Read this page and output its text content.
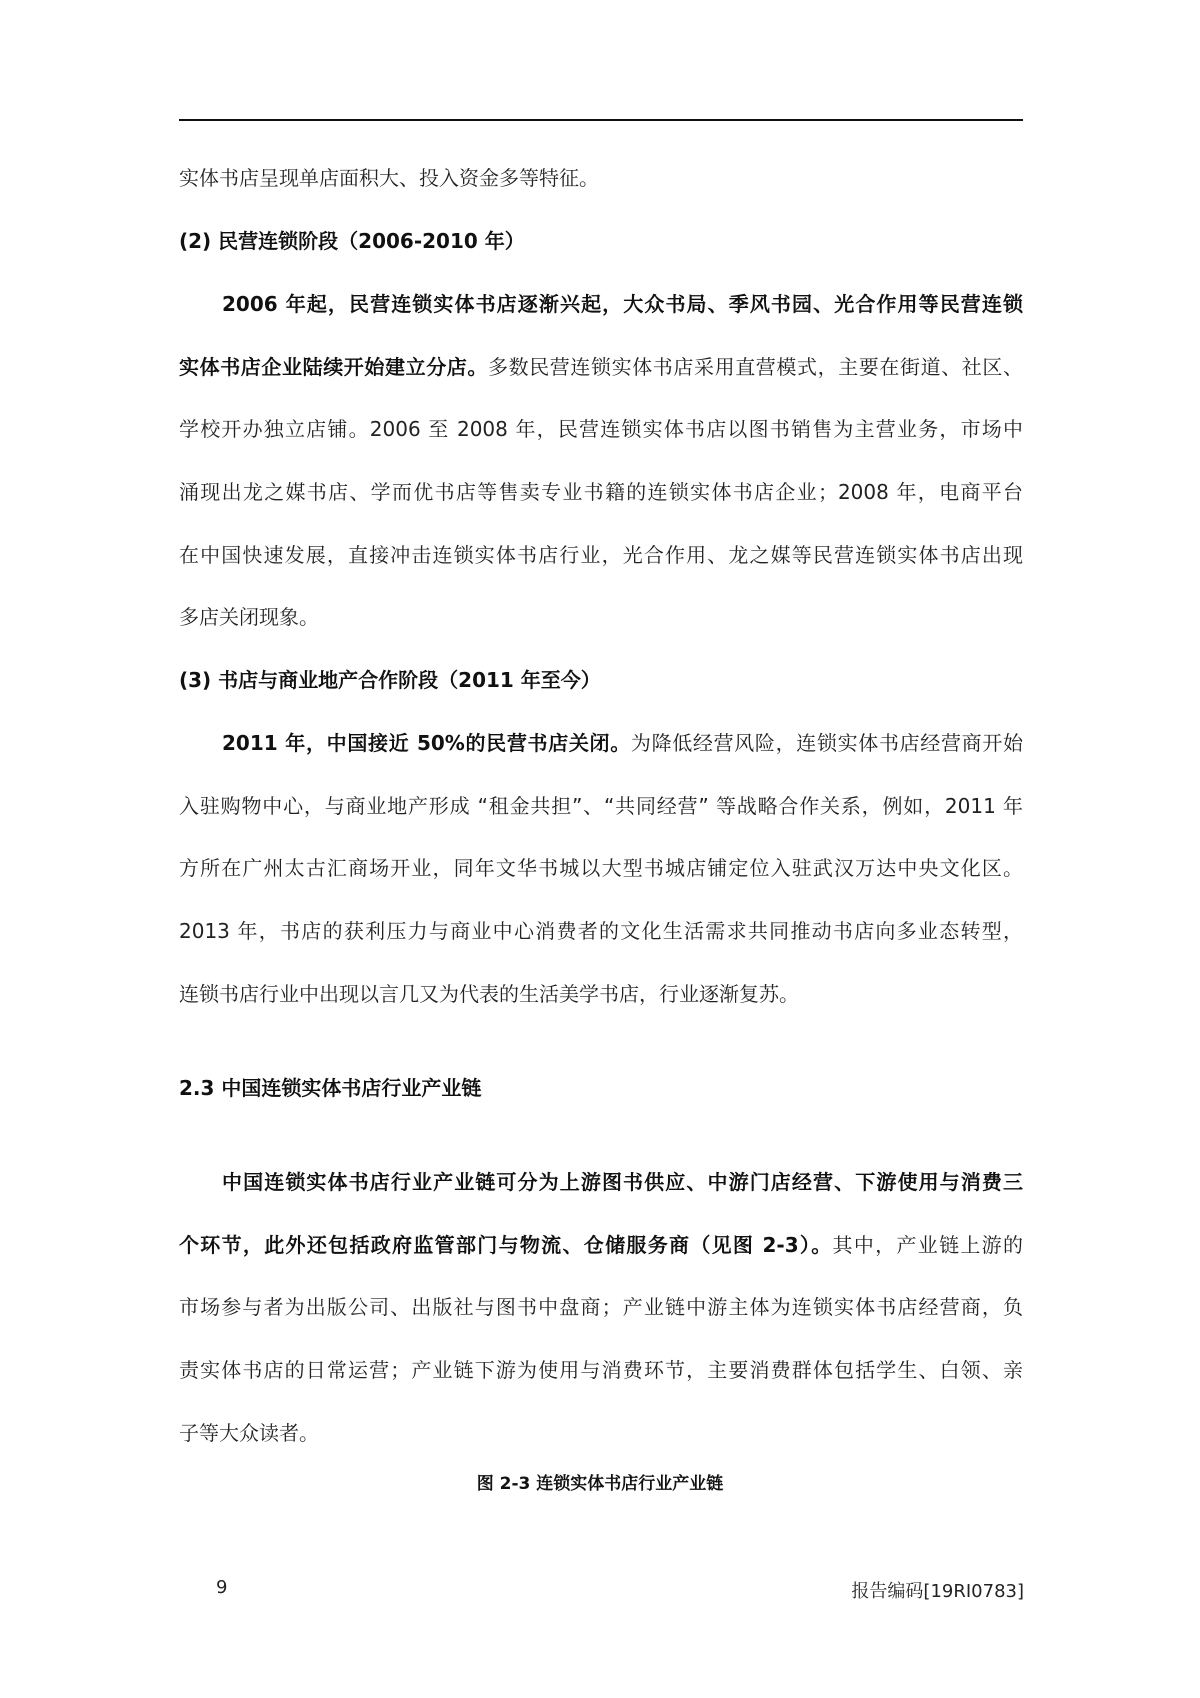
实体书店呈现单店面积大、投入资金多等特征。
(2) 民营连锁阶段（2006-2010 年）
2006 年起，民营连锁实体书店逐渐兴起，大众书局、季风书园、光合作用等民营连锁
实体书店企业陆续开始建立分店。多数民营连锁实体书店采用直营模式，主要在街道、社区、
学校开办独立店铺。2006 至 2008 年，民营连锁实体书店以图书销售为主营业务，市场中
涌现出龙之媒书店、学而优书店等售卖专业书籍的连锁实体书店企业；2008 年，电商平台
在中国快速发展，直接冲击连锁实体书店行业，光合作用、龙之媒等民营连锁实体书店出现
多店关闭现象。
(3) 书店与商业地产合作阶段（2011 年至今）
2011 年，中国接近 50%的民营书店关闭。为降低经营风险，连锁实体书店经营商开始
入驻购物中心，与商业地产形成 “租金共担”、“共同经营” 等战略合作关系，例如，2011 年
方所在广州太古汇商场开业，同年文华书城以大型书城店铺定位入驻武汉万达中央文化区。
2013 年，书店的获利压力与商业中心消费者的文化生活需求共同推动书店向多业态转型，
连锁书店行业中出现以言几又为代表的生活美学书店，行业逐渐复苏。
2.3 中国连锁实体书店行业产业链
中国连锁实体书店行业产业链可分为上游图书供应、中游门店经营、下游使用与消费三
个环节，此外还包括政府监管部门与物流、仓储服务商（见图 2-3）。其中，产业链上游的
市场参与者为出版公司、出版社与图书中盘商；产业链中游主体为连锁实体书店经营商，负
责实体书店的日常运营；产业链下游为使用与消费环节，主要消费群体包括学生、白领、亲
子等大众读者。
图 2-3 连锁实体书店行业产业链
9	报告编码[19RI0783]
